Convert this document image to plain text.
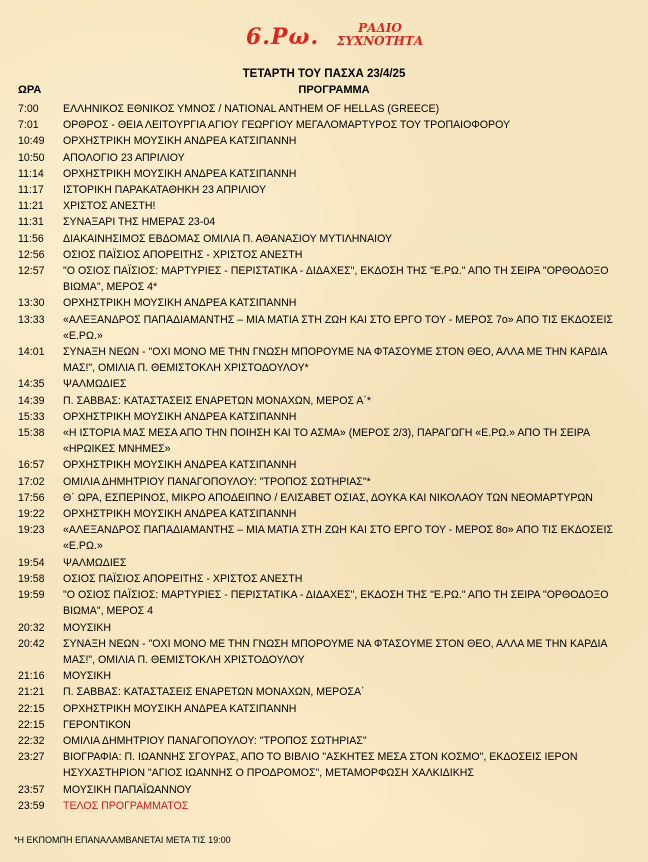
6.Ρω.	ΡΑΔΙΟ
ΣΥΧΝΟΤΗΤΑ
ΤΕΤΑΡΤΗ ΤΟΥ ΠΑΣΧΑ 23/4/25
ΩΡΑ	ΠΡΟΓΡΑΜΜΑ
7:00	ΕΛΛΗΝΙΚΟΣ ΕΘΝΙΚΟΣ ΥΜΝΟΣ / NATIONAL ANTHEM OF HELLAS (GREECE)
7:01	ΟΡΘΡΟΣ - ΘΕΙΑ ΛΕΙΤΟΥΡΓΙΑ ΑΓΙΟΥ ΓΕΩΡΓΙΟΥ ΜΕΓΑΛΟΜΑΡΤΥΡΟΣ ΤΟΥ ΤΡΟΠΑΙΟΦΟΡΟΥ
10:49	ΟΡΧΗΣΤΡΙΚΗ ΜΟΥΣΙΚΗ ΑΝΔΡΕΑ ΚΑΤΣΙΠΑΝΝΗ
10:50	ΑΠΟΛΟΓΙΟ 23 ΑΠΡΙΛΙΟΥ
11:14	ΟΡΧΗΣΤΡΙΚΗ ΜΟΥΣΙΚΗ ΑΝΔΡΕΑ ΚΑΤΣΙΠΑΝΝΗ
11:17	ΙΣΤΟΡΙΚΗ ΠΑΡΑΚΑΤΑΘΗΚΗ 23 ΑΠΡΙΛΙΟΥ
11:21	ΧΡΙΣΤΟΣ ΑΝΕΣΤΗ!
11:31	ΣΥΝΑΞΑΡΙ ΤΗΣ ΗΜΕΡΑΣ 23-04
11:56	ΔΙΑΚΑΙΝΗΣΙΜΟΣ ΕΒΔΟΜΑΣ ΟΜΙΛΙΑ Π. ΑΘΑΝΑΣΙΟΥ ΜΥΤΙΛΗΝΑΙΟΥ
12:56	ΟΣΙΟΣ ΠΑΪΣΙΟΣ ΑΠΟΡΕΙΤΗΣ - ΧΡΙΣΤΟΣ ΑΝΕΣΤΗ
12:57	"Ο ΟΣΙΟΣ ΠΑΪΣΙΟΣ: ΜΑΡΤΥΡΙΕΣ - ΠΕΡΙΣΤΑΤΙΚΑ - ΔΙΔΑΧΕΣ", ΕΚΔΟΣΗ ΤΗΣ "Ε.ΡΩ." ΑΠΟ ΤΗ ΣΕΙΡΑ "ΟΡΘΟΔΟΞΟ ΒΙΩΜΑ", ΜΕΡΟΣ 4*
13:30	ΟΡΧΗΣΤΡΙΚΗ ΜΟΥΣΙΚΗ ΑΝΔΡΕΑ ΚΑΤΣΙΠΑΝΝΗ
13:33	«ΑΛΕΞΑΝΔΡΟΣ ΠΑΠΑΔΙΑΜΑΝΤΗΣ – ΜΙΑ ΜΑΤΙΑ ΣΤΗ ΖΩΗ ΚΑΙ ΣΤΟ ΕΡΓΟ ΤΟΥ - ΜΕΡΟΣ 7ο» ΑΠΟ ΤΙΣ ΕΚΔΟΣΕΙΣ «Ε.ΡΩ.»
14:01	ΣΥΝΑΞΗ ΝΕΩΝ - "ΟΧΙ ΜΟΝΟ ΜΕ ΤΗΝ ΓΝΩΣΗ ΜΠΟΡΟΥΜΕ ΝΑ ΦΤΑΣΟΥΜΕ ΣΤΟΝ ΘΕΟ, ΑΛΛΑ ΜΕ ΤΗΝ ΚΑΡΔΙΑ ΜΑΣ!", ΟΜΙΛΙΑ Π. ΘΕΜΙΣΤΟΚΛΗ ΧΡΙΣΤΟΔΟΥΛΟΥ*
14:35	ΨΑΛΜΩΔΙΕΣ
14:39	Π. ΣΑΒΒΑΣ: ΚΑΤΑΣΤΑΣΕΙΣ ΕΝΑΡΕΤΩΝ ΜΟΝΑΧΩΝ, ΜΕΡΟΣ Α΄*
15:33	ΟΡΧΗΣΤΡΙΚΗ ΜΟΥΣΙΚΗ ΑΝΔΡΕΑ ΚΑΤΣΙΠΑΝΝΗ
15:38	«Η ΙΣΤΟΡΙΑ ΜΑΣ ΜΕΣΑ ΑΠΟ ΤΗΝ ΠΟΙΗΣΗ ΚΑΙ ΤΟ ΑΣΜΑ» (ΜΕΡΟΣ 2/3), ΠΑΡΑΓΩΓΗ «Ε.ΡΩ.» ΑΠΟ ΤΗ ΣΕΙΡΑ «ΗΡΩΙΚΕΣ ΜΝΗΜΕΣ»
16:57	ΟΡΧΗΣΤΡΙΚΗ ΜΟΥΣΙΚΗ ΑΝΔΡΕΑ ΚΑΤΣΙΠΑΝΝΗ
17:02	ΟΜΙΛΙΑ ΔΗΜΗΤΡΙΟΥ ΠΑΝΑΓΟΠΟΥΛΟΥ: "ΤΡΟΠΟΣ ΣΩΤΗΡΙΑΣ"*
17:56	Θ΄ ΩΡΑ, ΕΣΠΕΡΙΝΟΣ, ΜΙΚΡΟ ΑΠΟΔΕΙΠΝΟ / ΕΛΙΣΑΒΕΤ ΟΣΙΑΣ, ΔΟΥΚΑ ΚΑΙ ΝΙΚΟΛΑΟΥ ΤΩΝ ΝΕΟΜΑΡΤΥΡΩΝ
19:22	ΟΡΧΗΣΤΡΙΚΗ ΜΟΥΣΙΚΗ ΑΝΔΡΕΑ ΚΑΤΣΙΠΑΝΝΗ
19:23	«ΑΛΕΞΑΝΔΡΟΣ ΠΑΠΑΔΙΑΜΑΝΤΗΣ – ΜΙΑ ΜΑΤΙΑ ΣΤΗ ΖΩΗ ΚΑΙ ΣΤΟ ΕΡΓΟ ΤΟΥ - ΜΕΡΟΣ 8ο» ΑΠΟ ΤΙΣ ΕΚΔΟΣΕΙΣ «Ε.ΡΩ.»
19:54	ΨΑΛΜΩΔΙΕΣ
19:58	ΟΣΙΟΣ ΠΑΪΣΙΟΣ ΑΠΟΡΕΙΤΗΣ - ΧΡΙΣΤΟΣ ΑΝΕΣΤΗ
19:59	"Ο ΟΣΙΟΣ ΠΑΪΣΙΟΣ: ΜΑΡΤΥΡΙΕΣ - ΠΕΡΙΣΤΑΤΙΚΑ - ΔΙΔΑΧΕΣ", ΕΚΔΟΣΗ ΤΗΣ "Ε.ΡΩ." ΑΠΟ ΤΗ ΣΕΙΡΑ "ΟΡΘΟΔΟΞΟ ΒΙΩΜΑ", ΜΕΡΟΣ 4
20:32	ΜΟΥΣΙΚΗ
20:42	ΣΥΝΑΞΗ ΝΕΩΝ - "ΟΧΙ ΜΟΝΟ ΜΕ ΤΗΝ ΓΝΩΣΗ ΜΠΟΡΟΥΜΕ ΝΑ ΦΤΑΣΟΥΜΕ ΣΤΟΝ ΘΕΟ, ΑΛΛΑ ΜΕ ΤΗΝ ΚΑΡΔΙΑ ΜΑΣ!", ΟΜΙΛΙΑ Π. ΘΕΜΙΣΤΟΚΛΗ ΧΡΙΣΤΟΔΟΥΛΟΥ
21:16	ΜΟΥΣΙΚΗ
21:21	Π. ΣΑΒΒΑΣ: ΚΑΤΑΣΤΑΣΕΙΣ ΕΝΑΡΕΤΩΝ ΜΟΝΑΧΩΝ, ΜΕΡΟΣΑ΄
22:15	ΟΡΧΗΣΤΡΙΚΗ ΜΟΥΣΙΚΗ ΑΝΔΡΕΑ ΚΑΤΣΙΠΑΝΝΗ
22:15	ΓΕΡΟΝΤΙΚΟΝ
22:32	ΟΜΙΛΙΑ ΔΗΜΗΤΡΙΟΥ ΠΑΝΑΓΟΠΟΥΛΟΥ: "ΤΡΟΠΟΣ ΣΩΤΗΡΙΑΣ"
23:27	ΒΙΟΓΡΑΦΙΑ: Π. ΙΩΑΝΝΗΣ ΣΓΟΥΡΑΣ, ΑΠΟ ΤΟ ΒΙΒΛΙΟ "ΑΣΚΗΤΕΣ ΜΕΣΑ ΣΤΟΝ ΚΟΣΜΟ", ΕΚΔΟΣΕΙΣ ΙΕΡΟΝ ΗΣΥΧΑΣΤΗΡΙΟΝ "ΑΓΙΟΣ ΙΩΑΝΝΗΣ Ο ΠΡΟΔΡΟΜΟΣ", ΜΕΤΑΜΟΡΦΩΣΗ ΧΑΛΚΙΔΙΚΗΣ
23:57	ΜΟΥΣΙΚΗ ΠΑΠΑΪΩΑΝΝΟΥ
23:59	ΤΕΛΟΣ ΠΡΟΓΡΑΜΜΑΤΟΣ
*Η ΕΚΠΟΜΠΗ ΕΠΑΝΑΛΑΜΒΑΝΕΤΑΙ ΜΕΤΑ ΤΙΣ 19:00
